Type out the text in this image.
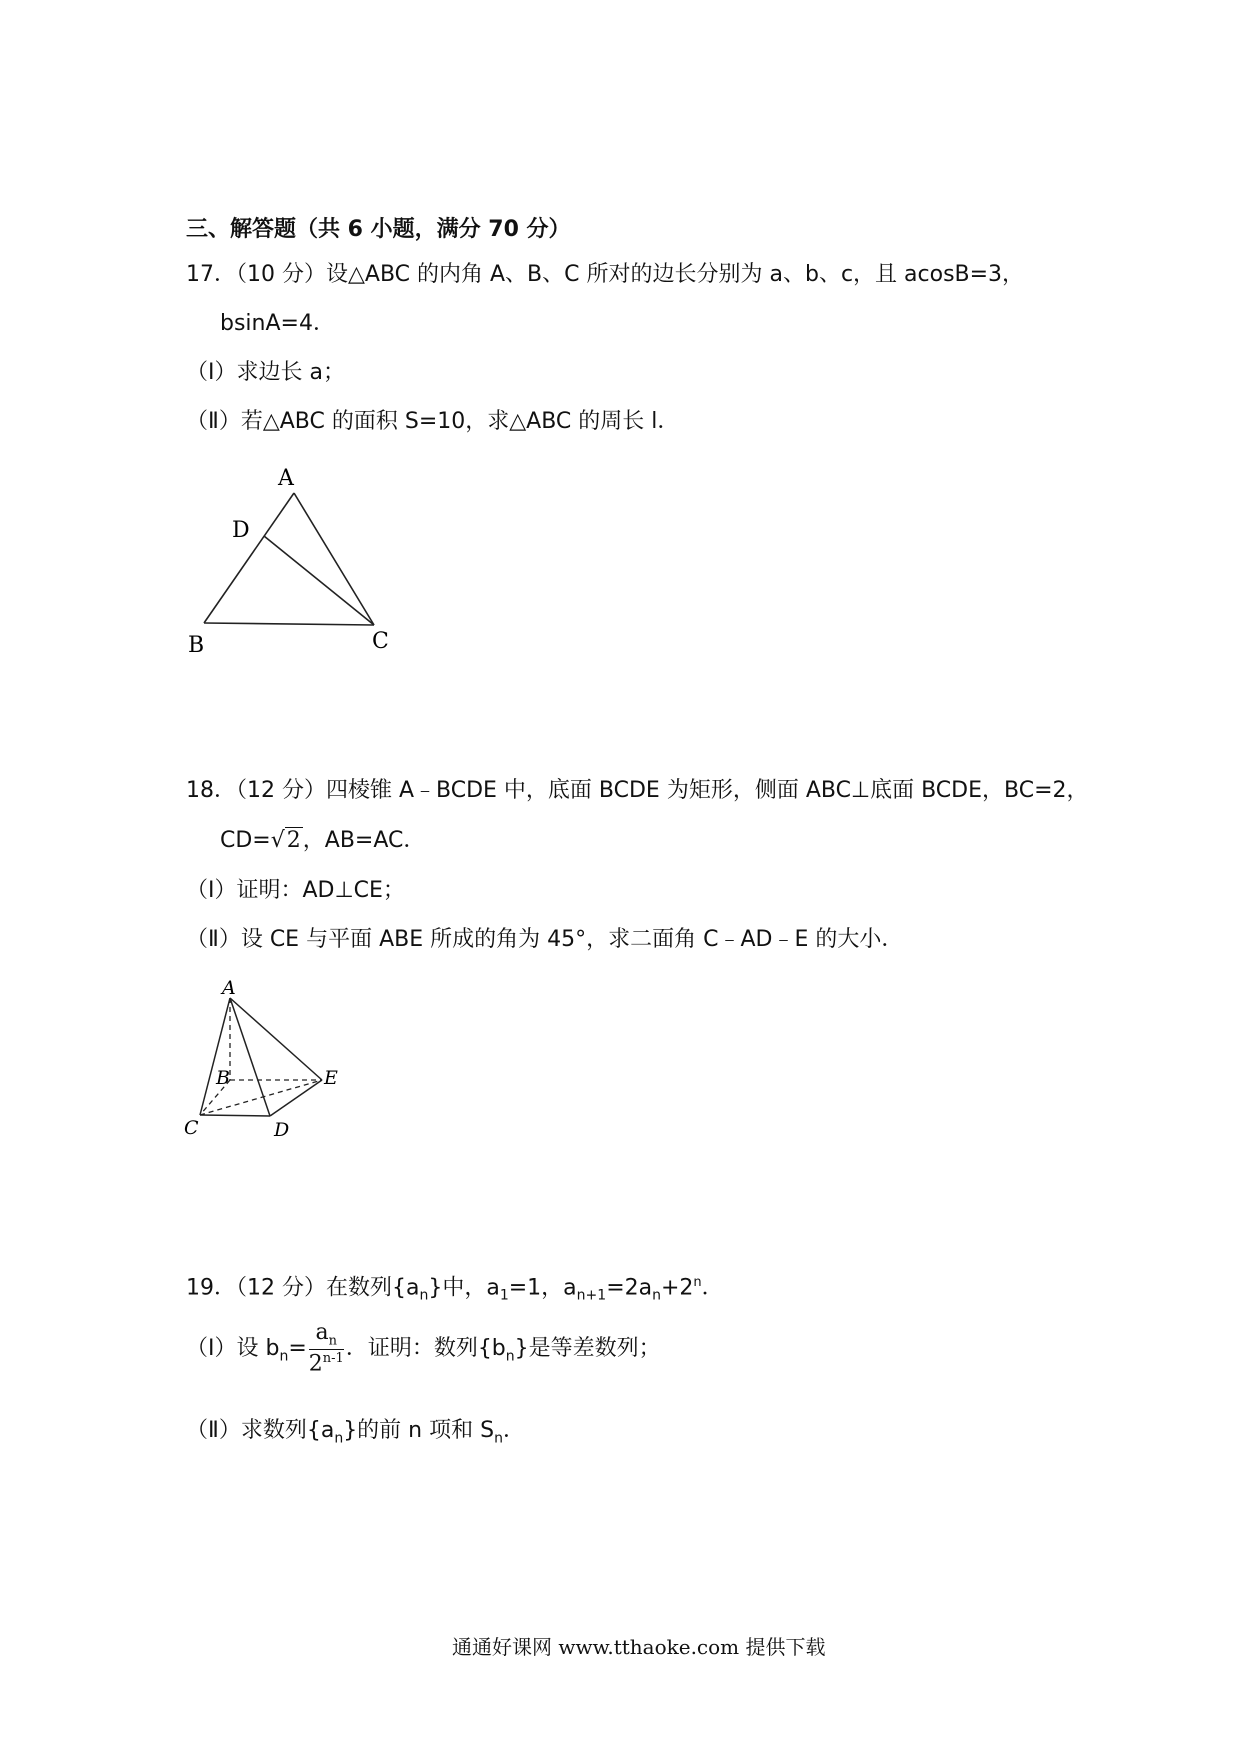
三、解答题（共 6 小题，满分 70 分）
17．（10 分）设△ABC 的内角 A、B、C 所对的边长分别为 a、b、c，且 acosB=3，
bsinA=4．
（Ⅰ）求边长 a；
（Ⅱ）若△ABC 的面积 S=10，求△ABC 的周长 l．
A
D
B	C
18．（12 分）四棱锥 A﹣BCDE 中，底面 BCDE 为矩形，侧面 ABC⊥底面 BCDE，BC=2，
CD=√2，AB=AC．
（Ⅰ）证明：AD⊥CE；
（Ⅱ）设 CE 与平面 ABE 所成的角为 45°，求二面角 C﹣AD﹣E 的大小．
A
B
C	D
E
19．（12 分）在数列$\{a_n\}$中，$a_1=1$，$a_{n+1}=2a_n+2^n$．
（Ⅰ）设 $b_n= \frac{a_n}{2^{n-1}}$ ．证明：数列$\{b_n\}$是等差数列；
（Ⅱ）求数列$\{a_n\}$的前 n 项和 $S_n$．
通通好课网 www.tthaoke.com 提供下载
